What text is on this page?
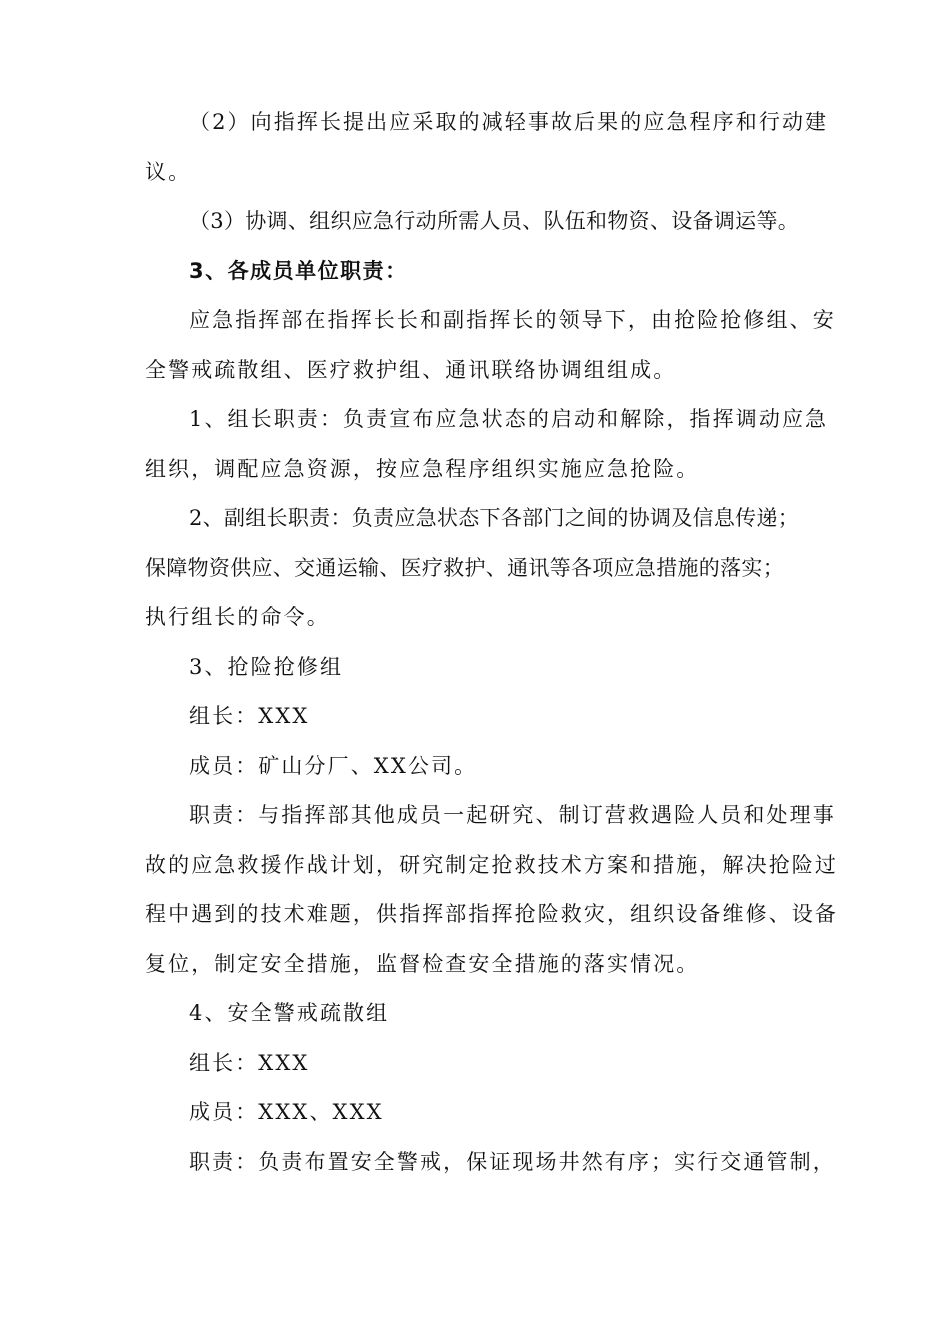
（2）向指挥长提出应采取的减轻事故后果的应急程序和行动建
议。
（3）协调、组织应急行动所需人员、队伍和物资、设备调运等。
3、各成员单位职责：
应急指挥部在指挥长长和副指挥长的领导下，由抢险抢修组、安
全警戒疏散组、医疗救护组、通讯联络协调组组成。
1、组长职责：负责宣布应急状态的启动和解除，指挥调动应急
组织，调配应急资源，按应急程序组织实施应急抢险。
2、副组长职责：负责应急状态下各部门之间的协调及信息传递；
保障物资供应、交通运输、医疗救护、通讯等各项应急措施的落实；
执行组长的命令。
3、抢险抢修组
组长：XXX
成员：矿山分厂、XX公司。
职责：与指挥部其他成员一起研究、制订营救遇险人员和处理事
故的应急救援作战计划，研究制定抢救技术方案和措施，解决抢险过
程中遇到的技术难题，供指挥部指挥抢险救灾，组织设备维修、设备
复位，制定安全措施，监督检查安全措施的落实情况。
4、安全警戒疏散组
组长：XXX
成员：XXX、XXX
职责：负责布置安全警戒，保证现场井然有序；实行交通管制，
